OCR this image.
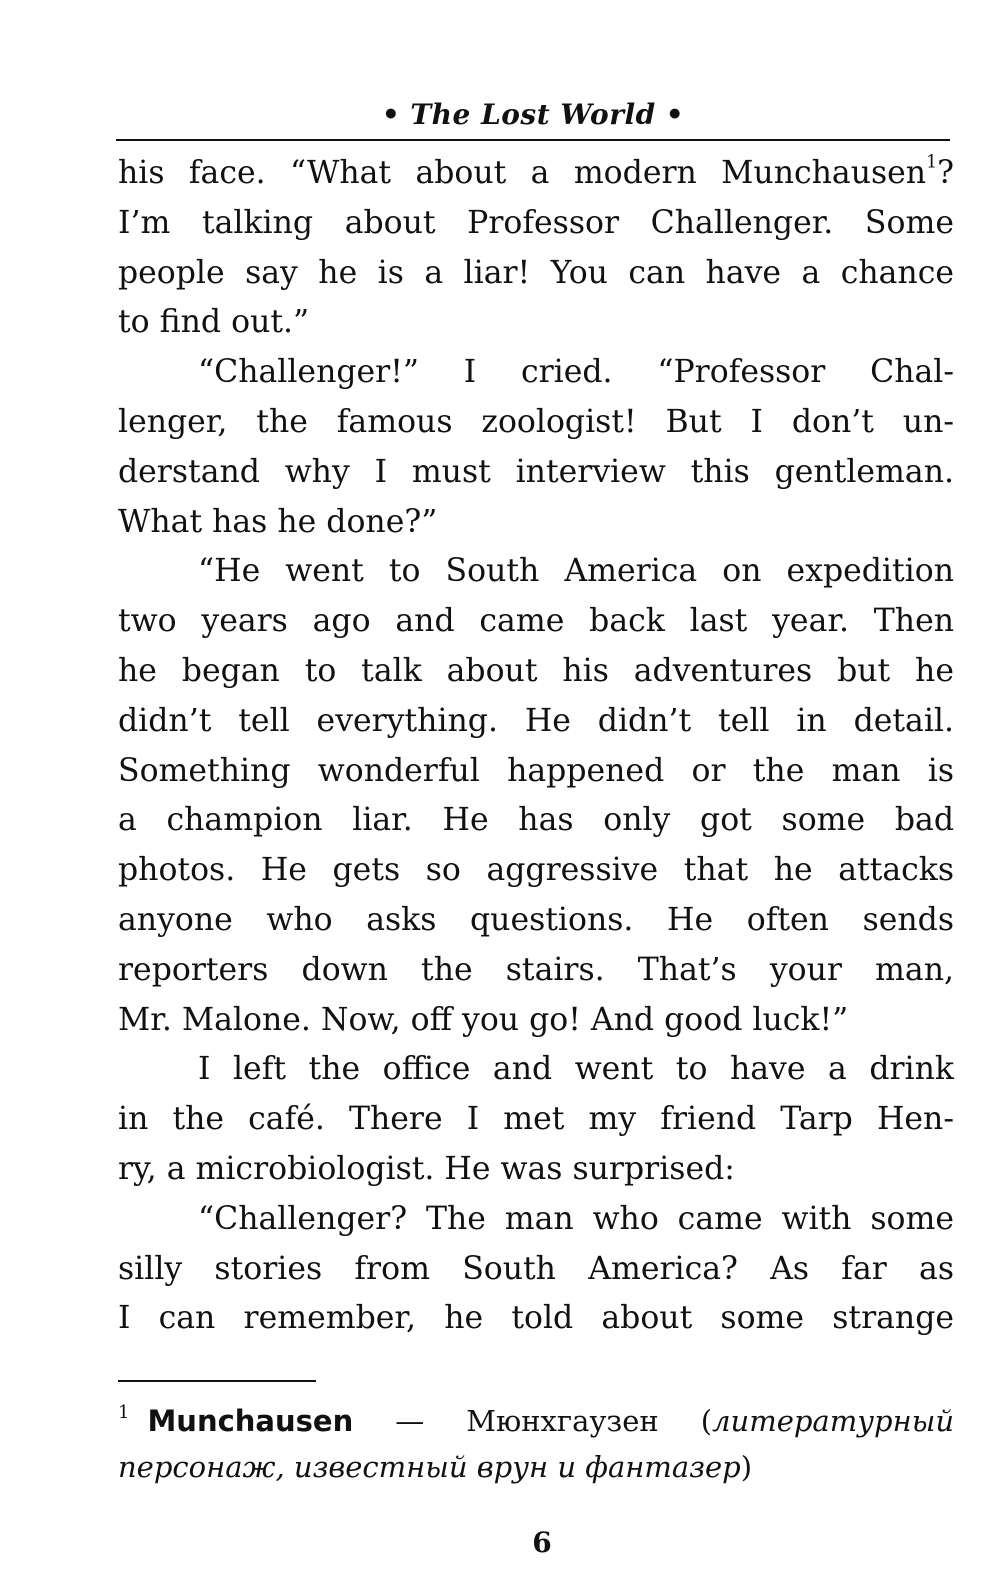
• The Lost World •
his face. “What about a modern Munchausen$^1$?
I’m talking about Professor Challenger. Some
people say he is a liar! You can have a chance
to find out.”
“Challenger!” I cried. “Professor Chal-
lenger, the famous zoologist! But I don’t un-
derstand why I must interview this gentleman.
What has he done?”
“He went to South America on expedition
two years ago and came back last year. Then
he began to talk about his adventures but he
didn’t tell everything. He didn’t tell in detail.
Something wonderful happened or the man is
a champion liar. He has only got some bad
photos. He gets so aggressive that he attacks
anyone who asks questions. He often sends
reporters down the stairs. That’s your man,
Mr. Malone. Now, off you go! And good luck!”
I left the office and went to have a drink
in the café. There I met my friend Tarp Hen-
ry, a microbiologist. He was surprised:
“Challenger? The man who came with some
silly stories from South America? As far as
I can remember, he told about some strange
$^1$ Munchausen — Мюнхгаузен (литературный
персонаж, известный врун и фантазер)
6
